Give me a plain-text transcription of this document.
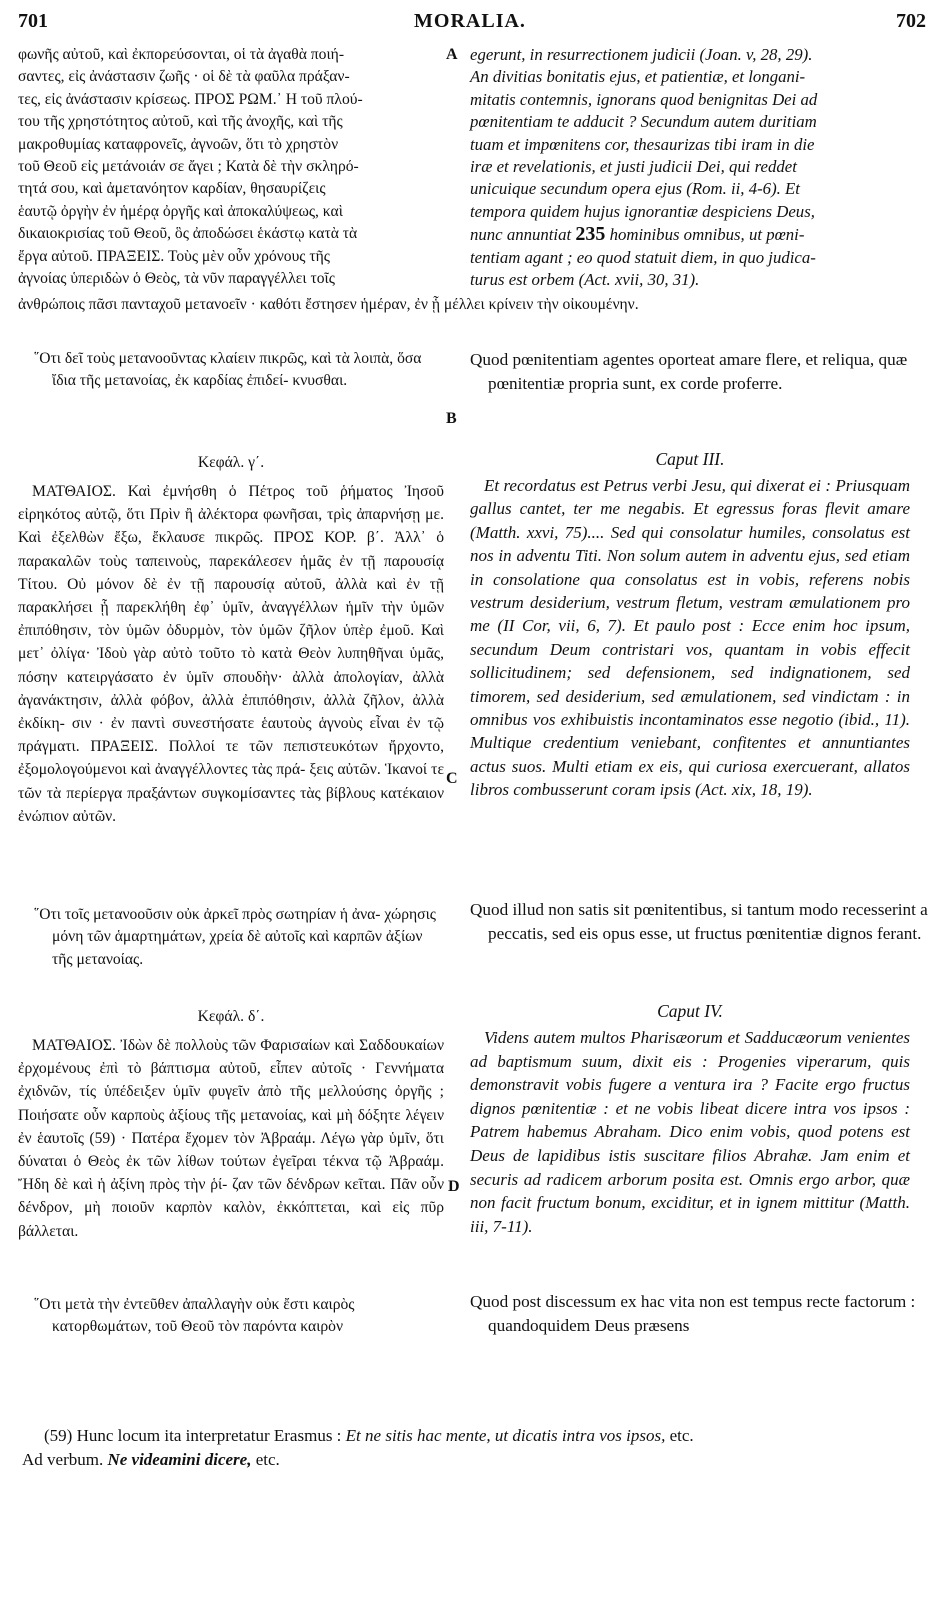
701	MORALIA.	702
φωνῆς αὐτοῦ, καὶ ἐκπορεύσονται, οἱ τὰ ἀγαθὰ ποιή-
σαντες, εἰς ἀνάστασιν ζωῆς · οἱ δὲ τὰ φαῦλα πράξαν-
τες, εἰς ἀνάστασιν κρίσεως. ΠΡΟΣ ΡΩΜ.᾿ Η τοῦ πλού-
του τῆς χρηστότητος αὐτοῦ, καὶ τῆς ἀνοχῆς, καὶ τῆς
μακροθυμίας καταφρονεῖς, ἀγνοῶν, ὅτι τὸ χρηστὸν
τοῦ Θεοῦ εἰς μετάνοιάν σε ἄγει ; Κατὰ δὲ τὴν σκληρό-
τητά σου, καὶ ἀμετανόητον καρδίαν, θησαυρίζεις
ἑαυτῷ ὀργὴν ἐν ἡμέρᾳ ὀργῆς καὶ ἀποκαλύψεως, καὶ
δικαιοκρισίας τοῦ Θεοῦ, ὃς ἀποδώσει ἑκάστῳ κατὰ τὰ
ἔργα αὐτοῦ. ΠΡΑΞΕΙΣ. Τοὺς μὲν οὖν χρόνους τῆς
ἀγνοίας ὑπεριδὼν ὁ Θεὸς, τὰ νῦν παραγγέλλει τοῖς
A egerunt, in resurrectionem judicii (Joan. v, 28, 29).
An divitias bonitatis ejus, et patientiæ, et longani-
mitatis contemnis, ignorans quod benignitas Dei ad
pœnitentiam te adducit ? Secundum autem duritiam
tuam et impœnitens cor, thesaurizas tibi iram in die
iræ et revelationis, et justi judicii Dei, qui reddet
unicuique secundum opera ejus (Rom. ii, 4-6). Et
tempora quidem hujus ignorantiæ despiciens Deus,
nunc annuntiat 235 hominibus omnibus, ut pœni-
tentiam agant ; eo quod statuit diem, in quo judica-
turus est orbem (Act. xvii, 30, 31).
ἀνθρώποις πᾶσι πανταχοῦ μετανοεῖν · καθότι ἔστησεν ἡμέραν, ἐν ᾗ μέλλει κρίνειν τὴν οἰκουμένην.
῞Οτι δεῖ τοὺς μετανοοῦντας κλαίειν πικρῶς, καὶ τὰ λοιπὰ, ὅσα ἴδια τῆς μετανοίας, ἐκ καρδίας ἐπιδεί- κνυσθαι.
Quod pœnitentiam agentes oporteat amare flere, et reliqua, quæ pœnitentiæ propria sunt, ex corde proferre.
B
Κεφάλ. γ΄.	Caput III.
ΜΑΤΘΑΙΟΣ. Καὶ ἐμνήσθη ὁ Πέτρος τοῦ ῥήματος Ἰησοῦ εἰρηκότος αὐτῷ, ὅτι Πρὶν ἢ ἀλέκτορα φωνῆσαι, τρὶς ἀπαρνήσῃ με. Καὶ ἐξελθὼν ἔξω, ἔκλαυσε πικρῶς. ΠΡΟΣ ΚΟΡ. β΄. Ἀλλ᾿ ὁ παρακαλῶν τοὺς ταπεινοὺς, παρεκάλεσεν ἡμᾶς ἐν τῇ παρουσίᾳ Τίτου. Οὐ μόνον δὲ ἐν τῇ παρουσίᾳ αὐτοῦ, ἀλλὰ καὶ ἐν τῇ παρακλήσει ᾗ παρεκλήθη ἐφ᾿ ὑμῖν, ἀναγγέλλων ἡμῖν τὴν ὑμῶν ἐπιπόθησιν, τὸν ὑμῶν ὀδυρμὸν, τὸν ὑμῶν ζῆλον ὑπὲρ ἐμοῦ. Καὶ μετ᾿ ὀλίγα· Ἰδοὺ γὰρ αὐτὸ τοῦτο τὸ κατὰ Θεὸν λυπηθῆναι ὑμᾶς, πόσην κατειργάσατο ἐν ὑμῖν σπουδὴν· ἀλλὰ ἀπολογίαν, ἀλλὰ ἀγανάκτησιν, ἀλλὰ φόβον, ἀλλὰ ἐπιπόθησιν, ἀλλὰ ζῆλον, ἀλλὰ ἐκδίκη- σιν · ἐν παντὶ συνεστήσατε ἑαυτοὺς ἁγνοὺς εἶναι ἐν τῷ πράγματι. ΠΡΑΞΕΙΣ. Πολλοί τε τῶν πεπιστευκότων ἤρχοντο, ἐξομολογούμενοι καὶ ἀναγγέλλοντες τὰς πρά- ξεις αὐτῶν. Ἱκανοί τε τῶν τὰ περίεργα πραξάντων συγκομίσαντες τὰς βίβλους κατέκαιον ἐνώπιον αὐτῶν.
Et recordatus est Petrus verbi Jesu, qui dixerat ei : Priusquam gallus cantet, ter me negabis. Et egressus foras flevit amare (Matth. xxvi, 75).... Sed qui consolatur humiles, consolatus est nos in adventu Titi. Non solum autem in adventu ejus, sed etiam in consolatione qua consolatus est in vobis, referens nobis vestrum desiderium, vestrum fletum, vestram æmulationem pro me (II Cor, vii, 6, 7). Et paulo post : Ecce enim hoc ipsum, secundum Deum contristari vos, quantam in vobis effecit sollicitudinem; sed defensionem, sed indignationem, sed timorem, sed desiderium, sed æmulationem, sed vindictam : in omnibus vos exhibuistis incontaminatos esse negotio (ibid., 11). Multique credentium veniebant, confitentes et annuntiantes actus suos. Multi etiam ex eis, qui curiosa exercuerant, allatos libros combusserunt coram ipsis (Act. xix, 18, 19).
C
῞Οτι τοῖς μετανοοῦσιν οὐκ ἀρκεῖ πρὸς σωτηρίαν ἡ ἀνα- χώρησις μόνη τῶν ἁμαρτημάτων, χρεία δὲ αὐτοῖς καὶ καρπῶν ἀξίων τῆς μετανοίας.
Quod illud non satis sit pœnitentibus, si tantum modo recesserint a peccatis, sed eis opus esse, ut fructus pœnitentiæ dignos ferant.
Κεφάλ. δ΄.	Caput IV.
ΜΑΤΘΑΙΟΣ. Ἰδὼν δὲ πολλοὺς τῶν Φαρισαίων καὶ Σαδδουκαίων ἐρχομένους ἐπὶ τὸ βάπτισμα αὐτοῦ, εἶπεν αὐτοῖς · Γεννήματα ἐχιδνῶν, τίς ὑπέδειξεν ὑμῖν φυγεῖν ἀπὸ τῆς μελλούσης ὀργῆς ; Ποιήσατε οὖν καρποὺς ἀξίους τῆς μετανοίας, καὶ μὴ δόξητε λέγειν ἐν ἑαυτοῖς (59) · Πατέρα ἔχομεν τὸν Ἀβραάμ. Λέγω γὰρ ὑμῖν, ὅτι δύναται ὁ Θεὸς ἐκ τῶν λίθων τούτων ἐγεῖραι τέκνα τῷ Ἀβραάμ. Ἤδη δὲ καὶ ἡ ἀξίνη πρὸς τὴν ῥί- ζαν τῶν δένδρων κεῖται. Πᾶν οὖν δένδρον, μὴ ποιοῦν καρπὸν καλὸν, ἐκκόπτεται, καὶ εἰς πῦρ βάλλεται.
Videns autem multos Pharisæorum et Sadducæorum venientes ad baptismum suum, dixit eis : Progenies viperarum, quis demonstravit vobis fugere a ventura ira ? Facite ergo fructus dignos pœnitentiæ : et ne vobis libeat dicere intra vos ipsos : Patrem habemus Abraham. Dico enim vobis, quod potens est Deus de lapidibus istis suscitare filios Abrahæ. Jam enim et securis ad radicem arborum posita est. Omnis ergo arbor, quæ non facit fructum bonum, exciditur, et in ignem mittitur (Matth. iii, 7-11).
D
῞Οτι μετὰ τὴν ἐντεῦθεν ἀπαλλαγὴν οὐκ ἔστι καιρὸς κατορθωμάτων, τοῦ Θεοῦ τὸν παρόντα καιρὸν
Quod post discessum ex hac vita non est tempus recte factorum : quandoquidem Deus præsens
(59) Hunc locum ita interpretatur Erasmus : Et ne sitis hac mente, ut dicatis intra vos ipsos, etc.
Ad verbum. Ne videamini dicere, etc.
